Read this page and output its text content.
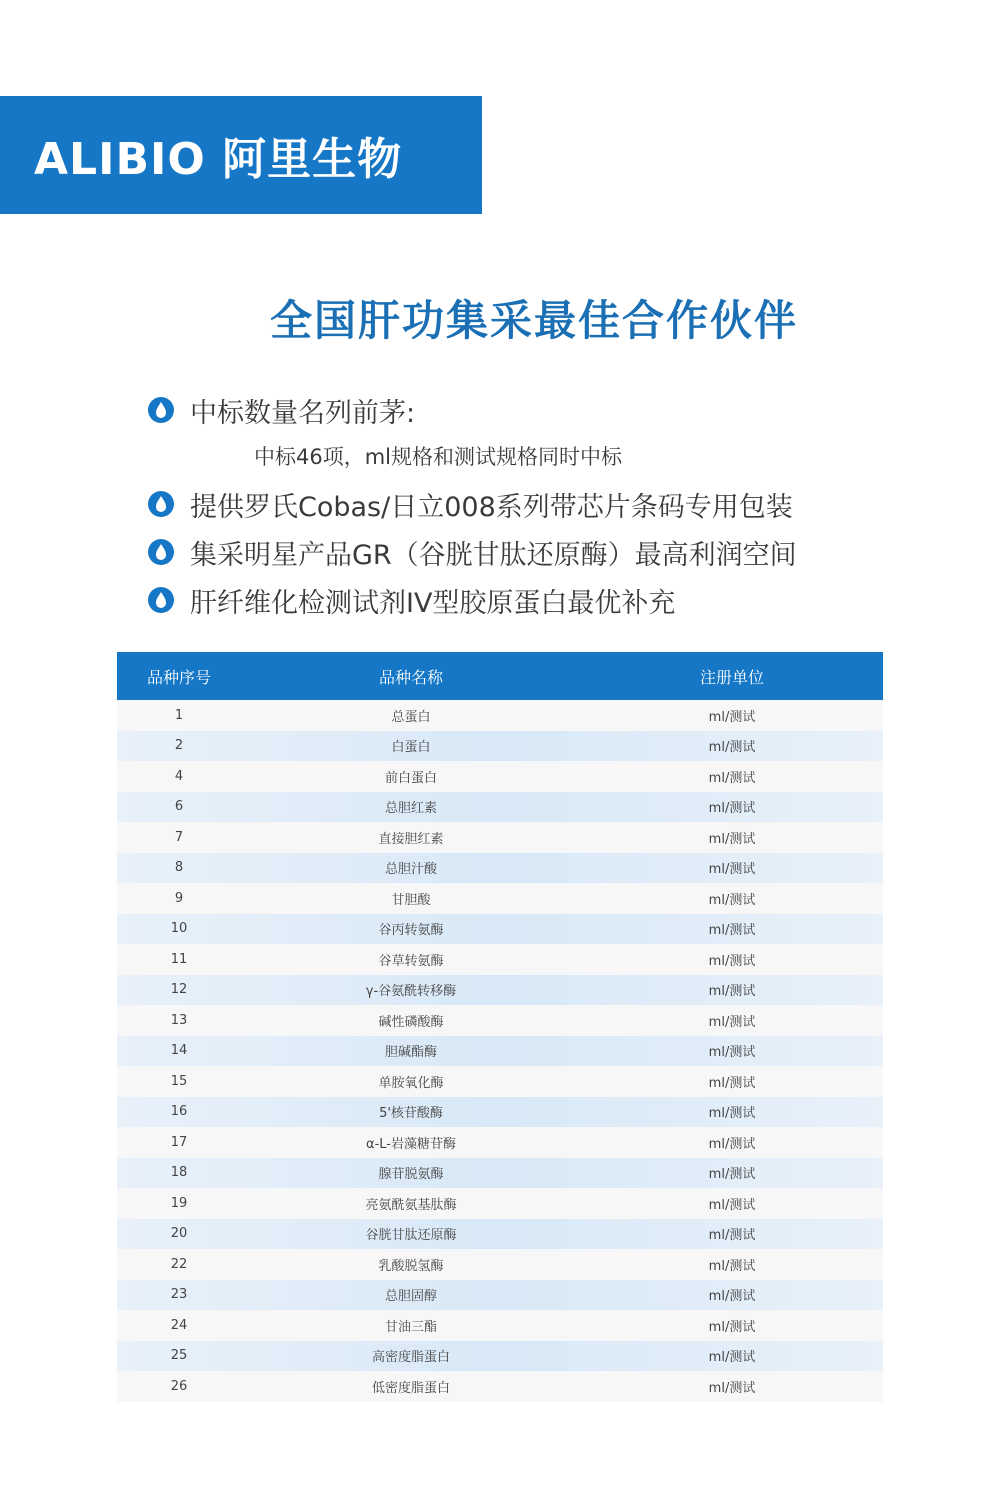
ALIBIO 阿里生物
全国肝功集采最佳合作伙伴
中标数量名列前茅:
中标46项，ml规格和测试规格同时中标
提供罗氏Cobas/日立008系列带芯片条码专用包装
集采明星产品GR（谷胱甘肽还原酶）最高利润空间
肝纤维化检测试剂IV型胶原蛋白最优补充
品种序号	品种名称	注册单位
1	总蛋白	ml/测试
2	白蛋白	ml/测试
4	前白蛋白	ml/测试
6	总胆红素	ml/测试
7	直接胆红素	ml/测试
8	总胆汁酸	ml/测试
9	甘胆酸	ml/测试
10	谷丙转氨酶	ml/测试
11	谷草转氨酶	ml/测试
12	γ-谷氨酰转移酶	ml/测试
13	碱性磷酸酶	ml/测试
14	胆碱酯酶	ml/测试
15	单胺氧化酶	ml/测试
16	5'核苷酸酶	ml/测试
17	α-L-岩藻糖苷酶	ml/测试
18	腺苷脱氨酶	ml/测试
19	亮氨酰氨基肽酶	ml/测试
20	谷胱甘肽还原酶	ml/测试
22	乳酸脱氢酶	ml/测试
23	总胆固醇	ml/测试
24	甘油三酯	ml/测试
25	高密度脂蛋白	ml/测试
26	低密度脂蛋白	ml/测试
